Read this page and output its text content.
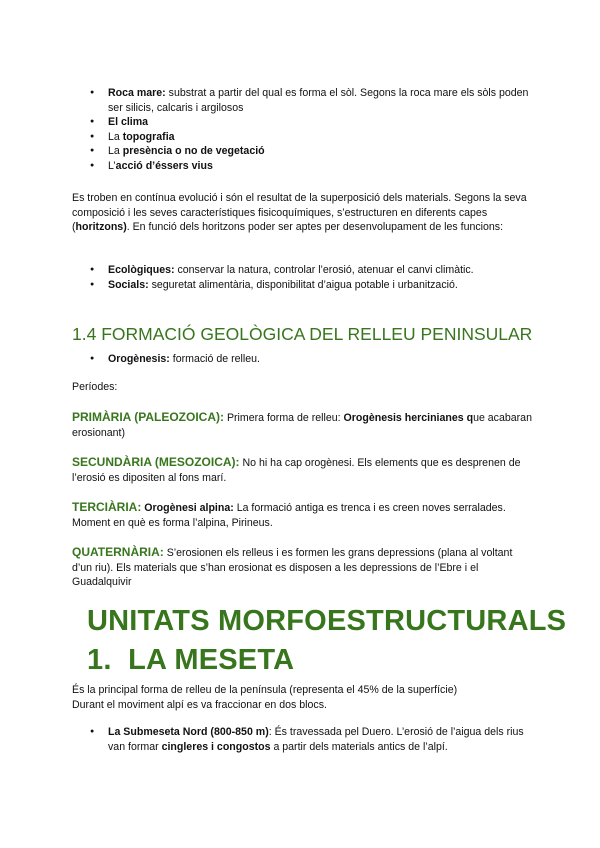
● Roca mare: substrat a partir del qual es forma el sòl. Segons la roca mare els sòls poden ser silicis, calcaris i argilosos
● El clima
● La topografia
● La presència o no de vegetació
● L’acció d’éssers vius

Es troben en contínua evolució i són el resultat de la superposició dels materials. Segons la seva composició i les seves característiques fisicoquímiques, s’estructuren en diferents capes (horitzons). En funció dels horitzons poder ser aptes per desenvolupament de les funcions:

● Ecològiques: conservar la natura, controlar l’erosió, atenuar el canvi climàtic.
● Socials: seguretat alimentària, disponibilitat d’aigua potable i urbanització.
1.4 FORMACIÓ GEOLÒGICA DEL RELLEU PENINSULAR
● Orogènesis: formació de relleu.
Períodes:

PRIMÀRIA (PALEOZOICA): Primera forma de relleu: Orogènesis hercinianes que acabaran erosionant)

SECUNDÀRIA (MESOZOICA): No hi ha cap orogènesi. Els elements que es desprenen de l’erosió es dipositen al fons marí.

TERCIÀRIA: Orogènesi alpina: La formació antiga es trenca i es creen noves serralades. Moment en què es forma l’alpina, Pirineus.

QUATERNÀRIA: S’erosionen els relleus i es formen les grans depressions (plana al voltant d’un riu). Els materials que s’han erosionat es disposen a les depressions de l’Ebre i el Guadalquivir

UNITATS MORFOESTRUCTURALS
1.  LA MESETA
És la principal forma de relleu de la península (representa el 45% de la superfície)
Durant el moviment alpí es va fraccionar en dos blocs.
● La Submeseta Nord (800-850 m): És travessada pel Duero. L’erosió de l’aigua dels rius van formar cingleres i congostos a partir dels materials antics de l’alpí.
